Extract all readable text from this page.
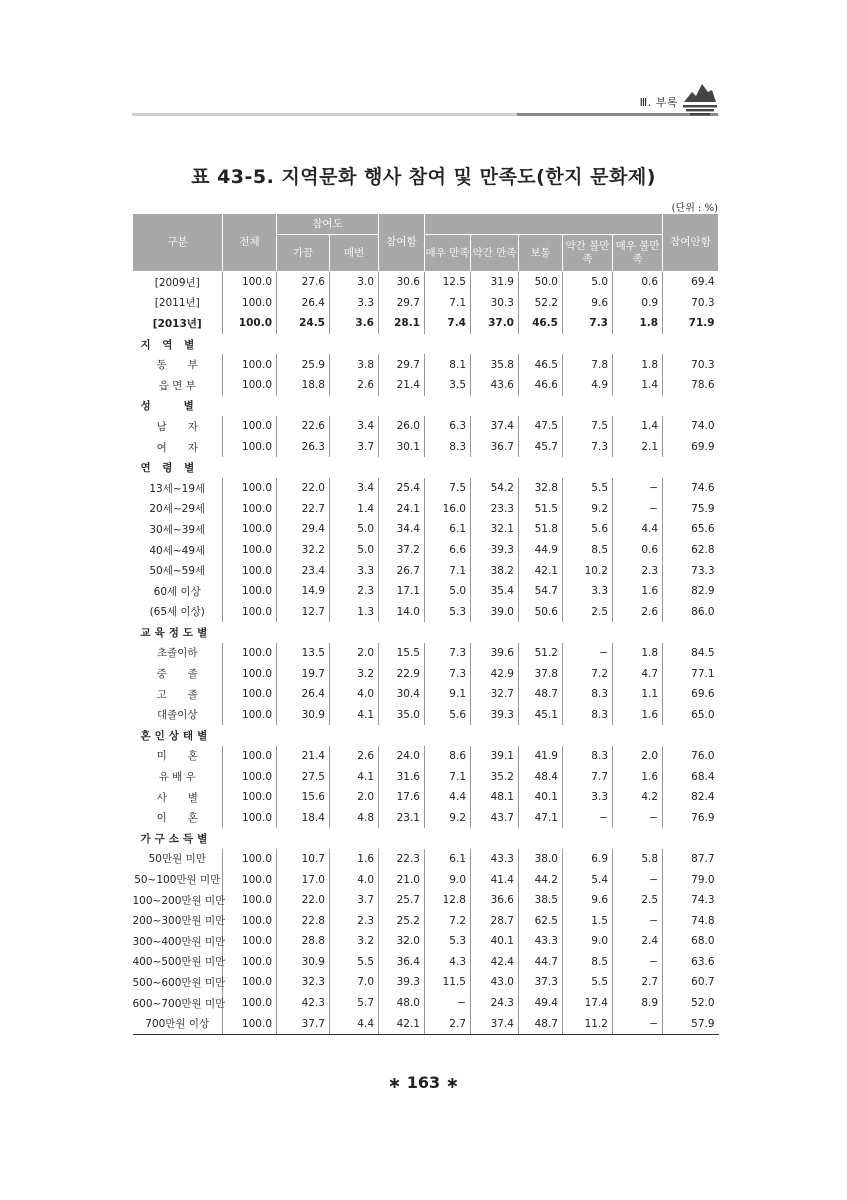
Ⅲ. 부록
표 43-5. 지역문화 행사 참여 및 만족도(한지 문화제)
(단위 : %)
구분	전체	참여도		참여함						참여안함
		가끔	매번		매우 만족	약간 만족	보통	약간 불만족	매우 불만족	
[2009년]	100.0	27.6	3.0	30.6	12.5	31.9	50.0	5.0	0.6	69.4
[2011년]	100.0	26.4	3.3	29.7	7.1	30.3	52.2	9.6	0.9	70.3
[2013년]	100.0	24.5	3.6	28.1	7.4	37.0	46.5	7.3	1.8	71.9
지 역 별										
동　　부	100.0	25.9	3.8	29.7	8.1	35.8	46.5	7.8	1.8	70.3
읍 면 부	100.0	18.8	2.6	21.4	3.5	43.6	46.6	4.9	1.4	78.6
성　　별										
남　　자	100.0	22.6	3.4	26.0	6.3	37.4	47.5	7.5	1.4	74.0
여　　자	100.0	26.3	3.7	30.1	8.3	36.7	45.7	7.3	2.1	69.9
연 령 별										
13세~19세	100.0	22.0	3.4	25.4	7.5	54.2	32.8	5.5	−	74.6
20세~29세	100.0	22.7	1.4	24.1	16.0	23.3	51.5	9.2	−	75.9
30세~39세	100.0	29.4	5.0	34.4	6.1	32.1	51.8	5.6	4.4	65.6
40세~49세	100.0	32.2	5.0	37.2	6.6	39.3	44.9	8.5	0.6	62.8
50세~59세	100.0	23.4	3.3	26.7	7.1	38.2	42.1	10.2	2.3	73.3
60세 이상	100.0	14.9	2.3	17.1	5.0	35.4	54.7	3.3	1.6	82.9
(65세 이상)	100.0	12.7	1.3	14.0	5.3	39.0	50.6	2.5	2.6	86.0
교육정도별										
초졸이하	100.0	13.5	2.0	15.5	7.3	39.6	51.2	−	1.8	84.5
중　　졸	100.0	19.7	3.2	22.9	7.3	42.9	37.8	7.2	4.7	77.1
고　　졸	100.0	26.4	4.0	30.4	9.1	32.7	48.7	8.3	1.1	69.6
대졸이상	100.0	30.9	4.1	35.0	5.6	39.3	45.1	8.3	1.6	65.0
혼인상태별										
미　　혼	100.0	21.4	2.6	24.0	8.6	39.1	41.9	8.3	2.0	76.0
유 배 우	100.0	27.5	4.1	31.6	7.1	35.2	48.4	7.7	1.6	68.4
사　　별	100.0	15.6	2.0	17.6	4.4	48.1	40.1	3.3	4.2	82.4
이　　혼	100.0	18.4	4.8	23.1	9.2	43.7	47.1	−	−	76.9
가구소득별										
50만원 미만	100.0	10.7	1.6	22.3	6.1	43.3	38.0	6.9	5.8	87.7
50~100만원 미만	100.0	17.0	4.0	21.0	9.0	41.4	44.2	5.4	−	79.0
100~200만원 미만	100.0	22.0	3.7	25.7	12.8	36.6	38.5	9.6	2.5	74.3
200~300만원 미만	100.0	22.8	2.3	25.2	7.2	28.7	62.5	1.5	−	74.8
300~400만원 미만	100.0	28.8	3.2	32.0	5.3	40.1	43.3	9.0	2.4	68.0
400~500만원 미만	100.0	30.9	5.5	36.4	4.3	42.4	44.7	8.5	−	63.6
500~600만원 미만	100.0	32.3	7.0	39.3	11.5	43.0	37.3	5.5	2.7	60.7
600~700만원 미만	100.0	42.3	5.7	48.0	−	24.3	49.4	17.4	8.9	52.0
700만원 이상	100.0	37.7	4.4	42.1	2.7	37.4	48.7	11.2	−	57.9
∗ 163 ∗
